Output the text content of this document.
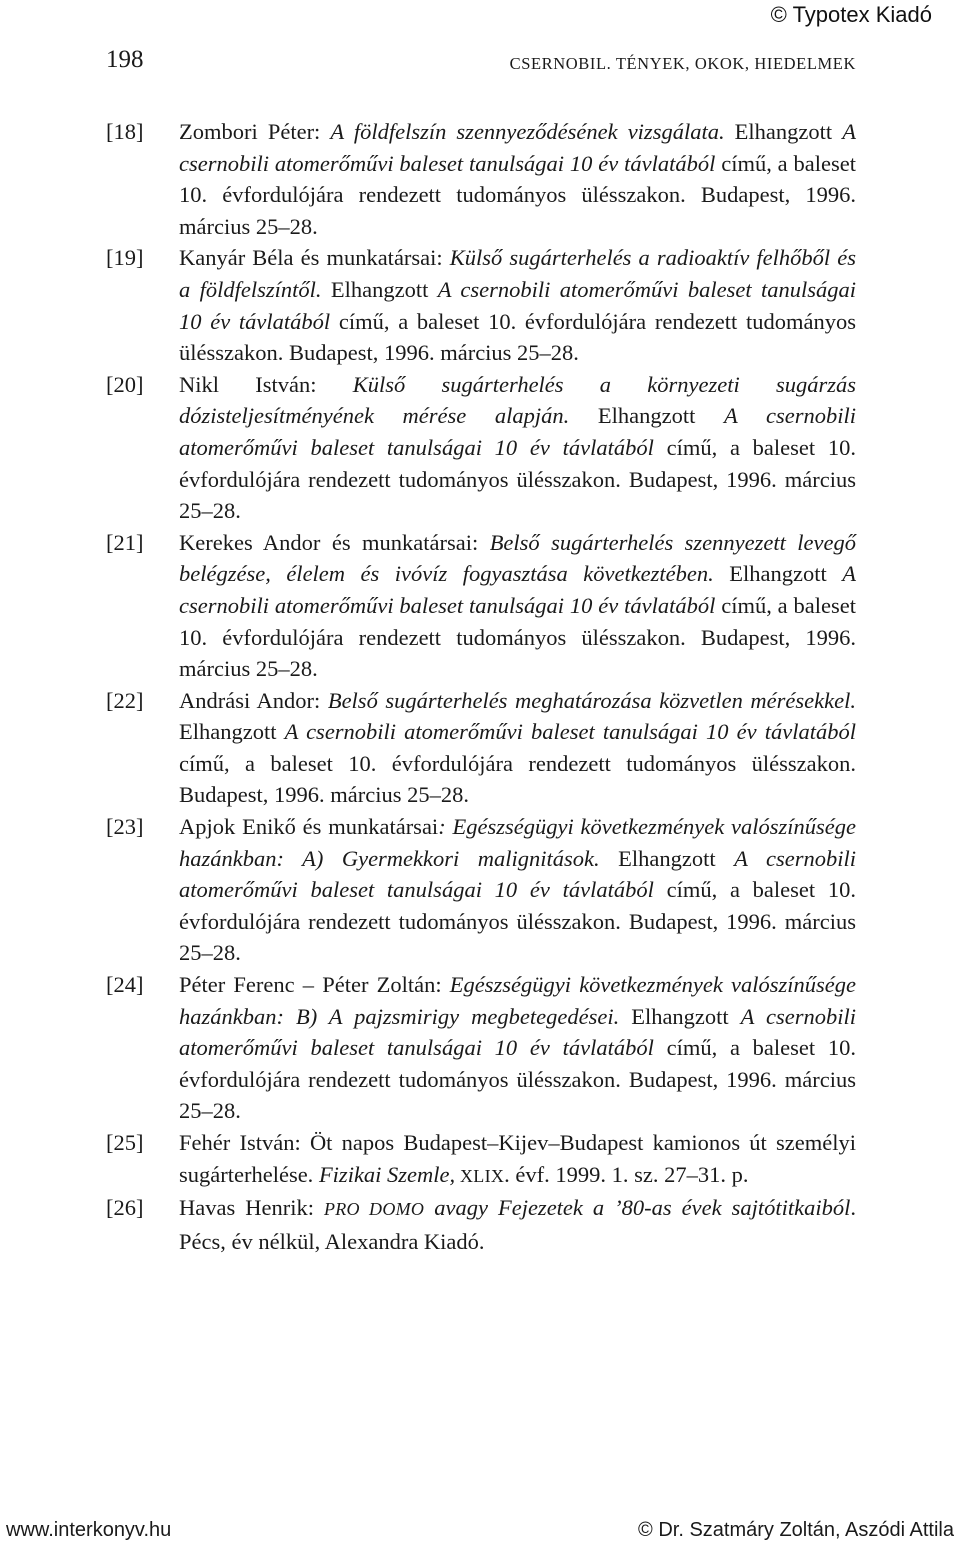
© Typotex Kiadó
198	CSERNOBIL. TÉNYEK, OKOK, HIEDELMEK
[18] Zombori Péter: A földfelszín szennyeződésének vizsgálata. Elhangzott A csernobili atomerőművi baleset tanulságai 10 év távlatából című, a baleset 10. évfordulójára rendezett tudományos ülésszakon. Budapest, 1996. március 25–28.
[19] Kanyár Béla és munkatársai: Külső sugárterhelés a radioaktív felhőből és a földfelszíntől. Elhangzott A csernobili atomerőművi baleset tanulságai 10 év távlatából című, a baleset 10. évfordulójára rendezett tudományos ülésszakon. Budapest, 1996. március 25–28.
[20] Nikl István: Külső sugárterhelés a környezeti sugárzás dózisteljesítményének mérése alapján. Elhangzott A csernobili atomerőművi baleset tanulságai 10 év távlatából című, a baleset 10. évfordulójára rendezett tudományos ülésszakon. Budapest, 1996. március 25–28.
[21] Kerekes Andor és munkatársai: Belső sugárterhelés szennyezett levegő belégzése, élelem és ivóvíz fogyasztása következtében. Elhangzott A csernobili atomerőművi baleset tanulságai 10 év távlatából című, a baleset 10. évfordulójára rendezett tudományos ülésszakon. Budapest, 1996. március 25–28.
[22] Andrási Andor: Belső sugárterhelés meghatározása közvetlen mérésekkel. Elhangzott A csernobili atomerőművi baleset tanulságai 10 év távlatából című, a baleset 10. évfordulójára rendezett tudományos ülésszakon. Budapest, 1996. március 25–28.
[23] Apjok Enikő és munkatársai: Egészségügyi következmények valószínűsége hazánkban: A) Gyermekkori malignitások. Elhangzott A csernobili atomerőművi baleset tanulságai 10 év távlatából című, a baleset 10. évfordulójára rendezett tudományos ülésszakon. Budapest, 1996. március 25–28.
[24] Péter Ferenc – Péter Zoltán: Egészségügyi következmények valószínűsége hazánkban: B) A pajzsmirigy megbetegedései. Elhangzott A csernobili atomerőművi baleset tanulságai 10 év távlatából című, a baleset 10. évfordulójára rendezett tudományos ülésszakon. Budapest, 1996. március 25–28.
[25] Fehér István: Öt napos Budapest–Kijev–Budapest kamionos út személyi sugárterhelése. Fizikai Szemle, XLIX. évf. 1999. 1. sz. 27–31. p.
[26] Havas Henrik: PRO DOMO avagy Fejezetek a ’80-as évek sajtótitkaiból. Pécs, év nélkül, Alexandra Kiadó.
www.interkonyv.hu	© Dr. Szatmáry Zoltán, Aszódi Attila
